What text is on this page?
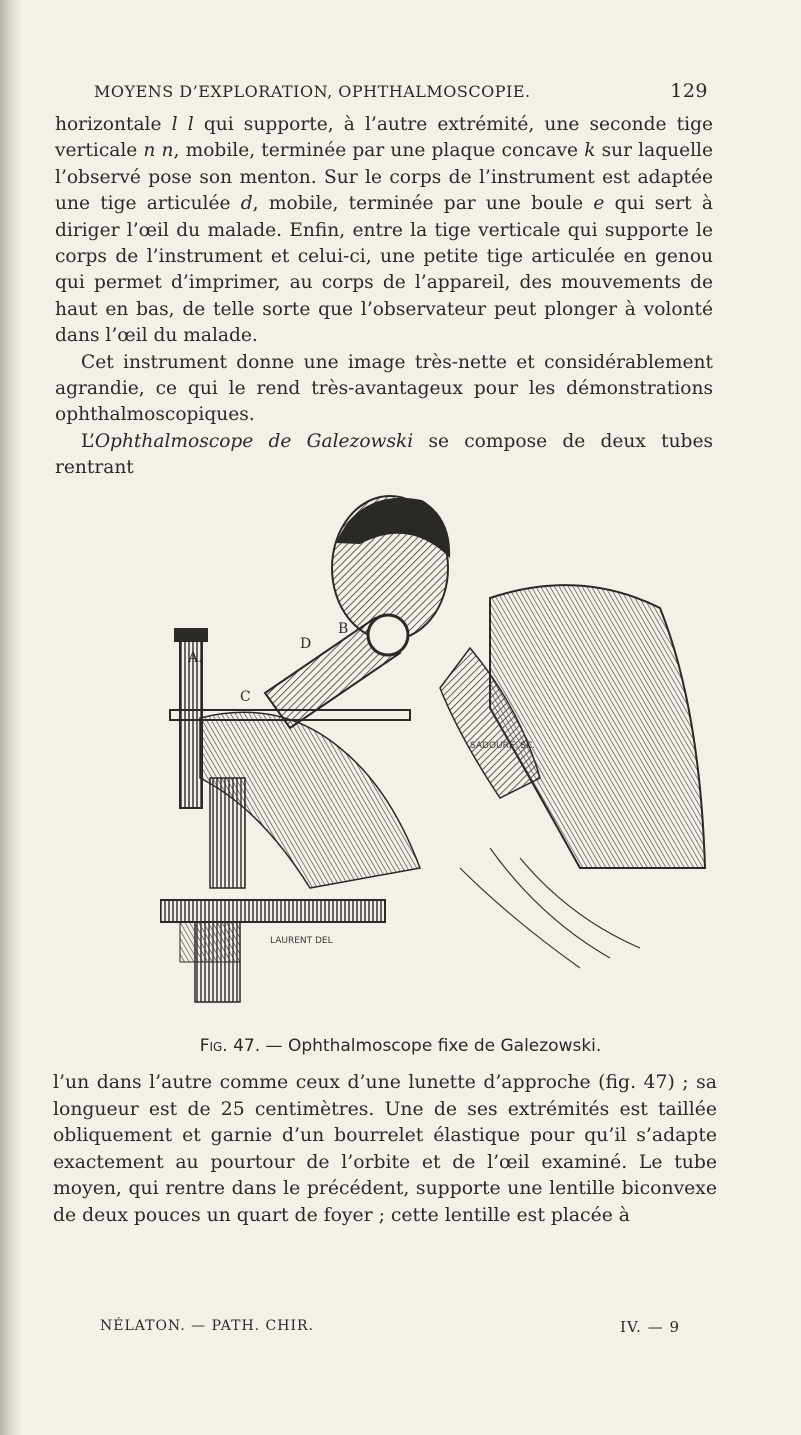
MOYENS D’EXPLORATION, OPHTHALMOSCOPIE.	129

horizontale l l qui supporte, à l’autre extrémité, une seconde tige verticale n n, mobile, terminée par une plaque concave k sur laquelle l’observé pose son menton. Sur le corps de l’instrument est adaptée une tige articulée d, mobile, terminée par une boule e qui sert à diriger l’œil du malade. Enfin, entre la tige verticale qui supporte le corps de l’instrument et celui-ci, une petite tige articulée en genou qui permet d’imprimer, au corps de l’appareil, des mouvements de haut en bas, de telle sorte que l’observateur peut plonger à volonté dans l’œil du malade.

Cet instrument donne une image très-nette et considérablement agrandie, ce qui le rend très-avantageux pour les démonstrations ophthalmoscopiques.

L’Ophthalmoscope de Galezowski se compose de deux tubes rentrant

A.
B
C
D
LAURENT DEL
SADOURE. SC.
Fig. 47. — Ophthalmoscope fixe de Galezowski.

l’un dans l’autre comme ceux d’une lunette d’approche (fig. 47) ; sa longueur est de 25 centimètres. Une de ses extrémités est taillée obliquement et garnie d’un bourrelet élastique pour qu’il s’adapte exactement au pourtour de l’orbite et de l’œil examiné. Le tube moyen, qui rentre dans le précédent, supporte une lentille biconvexe de deux pouces un quart de foyer ; cette lentille est placée à

NÉLATON. — PATH. CHIR.	IV. — 9
